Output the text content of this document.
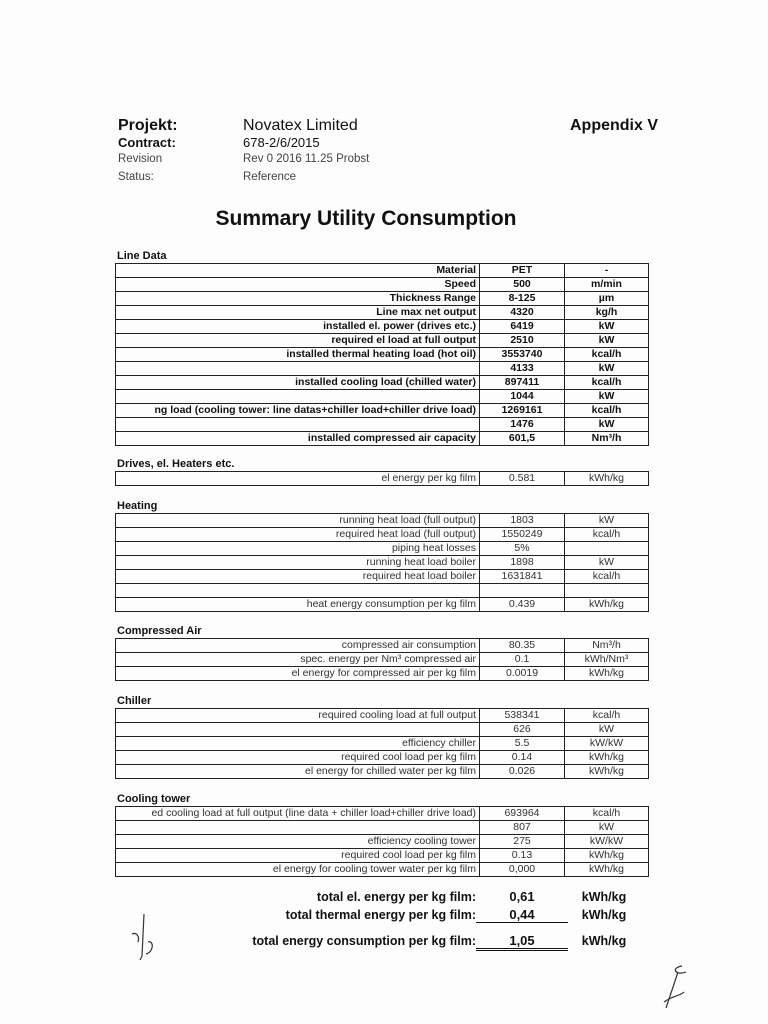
Projekt:	Novatex Limited	Appendix V
Contract:	678-2/6/2015
Revision	Rev 0 2016 11.25 Probst
Status:	Reference
Summary Utility Consumption
Line Data
Material	PET	-
Speed	500	m/min
Thickness Range	8-125	µm
Line max net output	4320	kg/h
installed el. power (drives etc.)	6419	kW
required el load at full output	2510	kW
installed thermal heating load (hot oil)	3553740	kcal/h
	4133	kW
installed cooling load (chilled water)	897411	kcal/h
	1044	kW
ng load (cooling tower: line datas+chiller load+chiller drive load)	1269161	kcal/h
	1476	kW
installed compressed air capacity	601,5	Nm³/h
Drives, el. Heaters etc.
el energy per kg film	0.581	kWh/kg
Heating
running heat load (full output)	1803	kW
required heat load (full output)	1550249	kcal/h
piping heat losses	5%	
running heat load boiler	1898	kW
required heat load boiler	1631841	kcal/h

heat energy consumption per kg film	0.439	kWh/kg
Compressed Air
compressed air consumption	80.35	Nm³/h
spec. energy per Nm³ compressed air	0.1	kWh/Nm³
el energy for compressed air per kg film	0.0019	kWh/kg
Chiller
required cooling load at full output	538341	kcal/h
	626	kW
efficiency chiller	5.5	kW/kW
required cool load per kg film	0.14	kWh/kg
el energy for chilled water per kg film	0.026	kWh/kg
Cooling tower
ed cooling load at full output (line data + chiller load+chiller drive load)	693964	kcal/h
	807	kW
efficiency cooling tower	275	kW/kW
required cool load per kg film	0.13	kWh/kg
el energy for cooling tower water per kg film	0,000	kWh/kg
total el. energy per kg film:	0,61	kWh/kg
total thermal energy per kg film:	0,44	kWh/kg
total energy consumption per kg film:	1,05	kWh/kg
